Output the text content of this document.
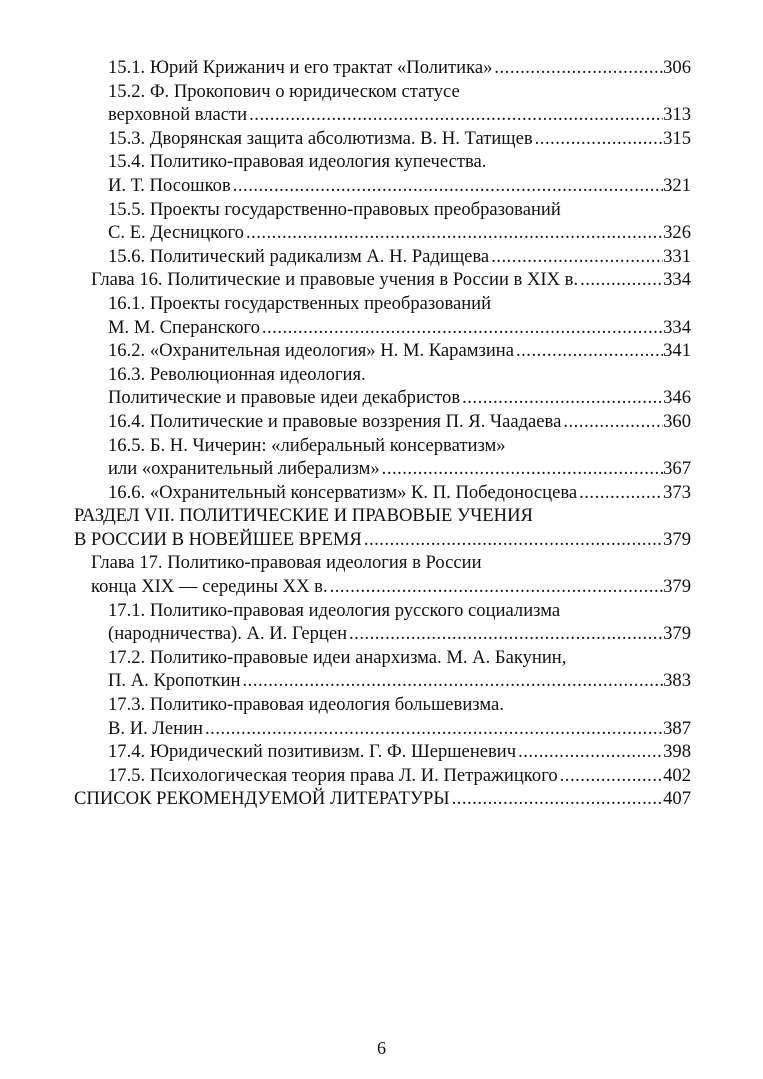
15.1. Юрий Крижанич и его трактат «Политика» .....	306
15.2. Ф. Прокопович о юридическом статусе
верховной власти .....	313
15.3. Дворянская защита абсолютизма. В. Н. Татищев .....	315
15.4. Политико-правовая идеология купечества.
И. Т. Посошков .....	321
15.5. Проекты государственно-правовых преобразований
С. Е. Десницкого .....	326
15.6. Политический радикализм А. Н. Радищева .....	331
Глава 16. Политические и правовые учения в России в XIX в. .....	334
16.1. Проекты государственных преобразований
М. М. Сперанского .....	334
16.2. «Охранительная идеология» Н. М. Карамзина .....	341
16.3. Революционная идеология.
Политические и правовые идеи декабристов .....	346
16.4. Политические и правовые воззрения П. Я. Чаадаева .....	360
16.5. Б. Н. Чичерин: «либеральный консерватизм»
или «охранительный либерализм» .....	367
16.6. «Охранительный консерватизм» К. П. Победоносцева .....	373
РАЗДЕЛ VII. ПОЛИТИЧЕСКИЕ И ПРАВОВЫЕ УЧЕНИЯ
В РОССИИ В НОВЕЙШЕЕ ВРЕМЯ .....	379
Глава 17. Политико-правовая идеология в России
конца XIX — середины XX в. .....	379
17.1. Политико-правовая идеология русского социализма
(народничества). А. И. Герцен .....	379
17.2. Политико-правовые идеи анархизма. М. А. Бакунин,
П. А. Кропоткин .....	383
17.3. Политико-правовая идеология большевизма.
В. И. Ленин .....	387
17.4. Юридический позитивизм. Г. Ф. Шершеневич .....	398
17.5. Психологическая теория права Л. И. Петражицкого .....	402
СПИСОК РЕКОМЕНДУЕМОЙ ЛИТЕРАТУРЫ .....	407
6
